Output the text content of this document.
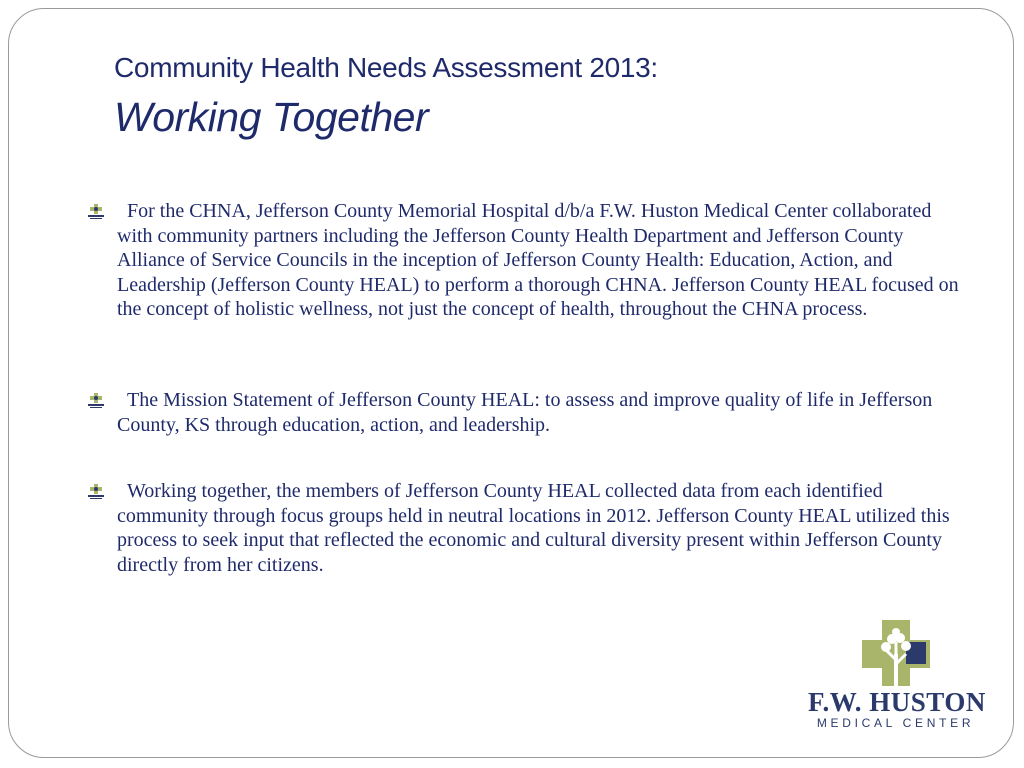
Community Health Needs Assessment 2013:
Working Together
For the CHNA, Jefferson County Memorial Hospital d/b/a F.W. Huston Medical Center collaborated with community partners including the Jefferson County Health Department and Jefferson County Alliance of Service Councils in the inception of Jefferson County Health: Education, Action, and Leadership (Jefferson County HEAL) to perform a thorough CHNA. Jefferson County HEAL focused on the concept of holistic wellness, not just the concept of health, throughout the CHNA process.
The Mission Statement of Jefferson County HEAL: to assess and improve quality of life in Jefferson County, KS through education, action, and leadership.
Working together, the members of Jefferson County HEAL collected data from each identified community through focus groups held in neutral locations in 2012. Jefferson County HEAL utilized this process to seek input that reflected the economic and cultural diversity present within Jefferson County directly from her citizens.
F.W. HUSTON
MEDICAL CENTER
